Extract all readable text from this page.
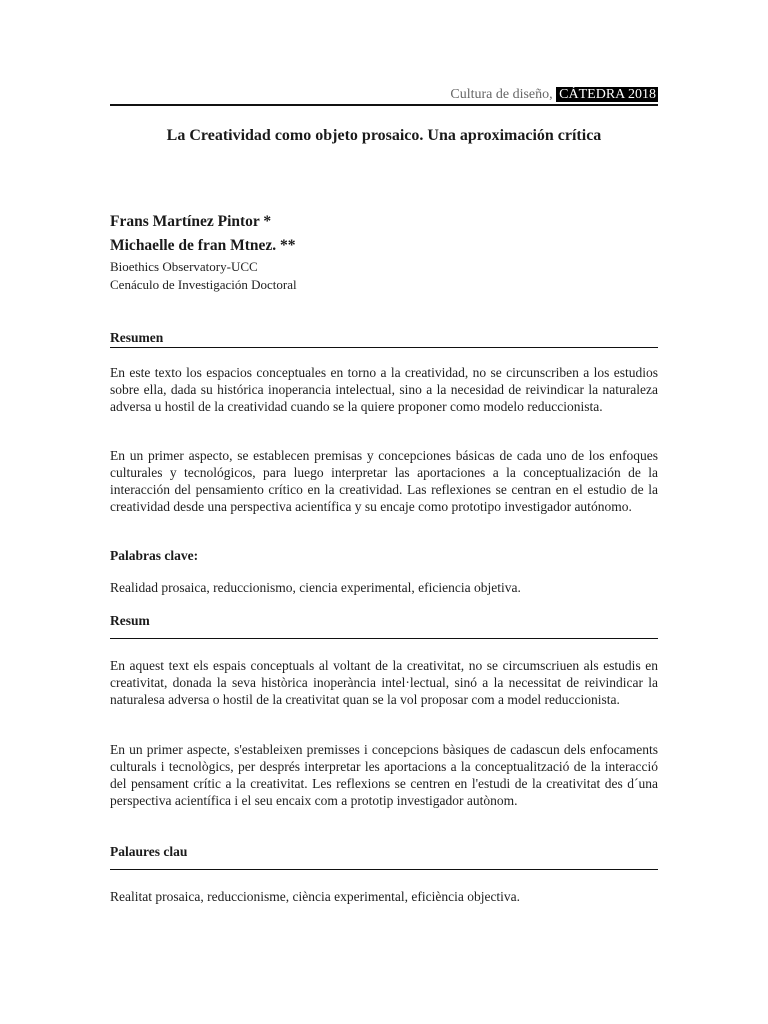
Cultura de diseño, CÁTEDRA 2018
La Creatividad como objeto prosaico. Una aproximación crítica
Frans Martínez Pintor *
Michaelle de fran Mtnez. **
Bioethics Observatory-UCC
Cenáculo de Investigación Doctoral
Resumen

En este texto los espacios conceptuales en torno a la creatividad, no se circunscriben a los estudios sobre ella, dada su histórica inoperancia intelectual, sino a la necesidad de reivindicar la naturaleza adversa u hostil de la creatividad cuando se la quiere proponer como modelo reduccionista.

En un primer aspecto, se establecen premisas y concepciones básicas de cada uno de los enfoques culturales y tecnológicos, para luego interpretar las aportaciones a la conceptualización de la interacción del pensamiento crítico en la creatividad. Las reflexiones se centran en el estudio de la creatividad desde una perspectiva acientífica y su encaje como prototipo investigador autónomo.

Palabras clave:

Realidad prosaica, reduccionismo, ciencia experimental, eficiencia objetiva.

Resum

En aquest text els espais conceptuals al voltant de la creativitat, no se circumscriuen als estudis en creativitat, donada la seva històrica inoperància intel·lectual, sinó a la necessitat de reivindicar la naturalesa adversa o hostil de la creativitat quan se la vol proposar com a model reduccionista.

En un primer aspecte, s'estableixen premisses i concepcions bàsiques de cadascun dels enfocaments culturals i tecnològics, per després interpretar les aportacions a la conceptualització de la interacció del pensament crític a la creativitat. Les reflexions se centren en l'estudi de la creativitat des d´una perspectiva acientífica i el seu encaix com a prototip investigador autònom.

Palaures clau

Realitat prosaica, reduccionisme, ciència experimental, eficiència objectiva.
